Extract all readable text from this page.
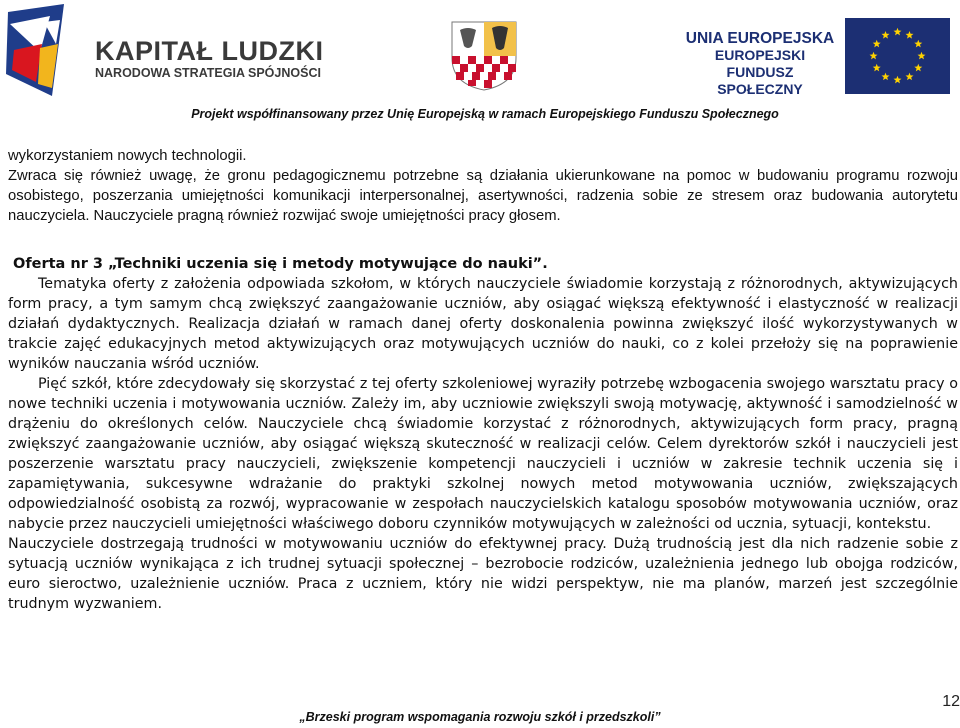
KAPITAŁ LUDZKI
NARODOWA STRATEGIA SPÓJNOŚCI
UNIA EUROPEJSKA
EUROPEJSKI
FUNDUSZ SPOŁECZNY
Projekt współfinansowany przez Unię Europejską w ramach Europejskiego Funduszu Społecznego

wykorzystaniem nowych technologii.

Zwraca się również uwagę, że gronu pedagogicznemu potrzebne są działania ukierunkowane na pomoc w budowaniu programu rozwoju osobistego, poszerzania umiejętności komunikacji interpersonalnej, asertywności, radzenia sobie ze stresem oraz budowania autorytetu nauczyciela. Nauczyciele pragną również rozwijać swoje umiejętności pracy głosem.

Oferta nr 3 „Techniki uczenia się i metody motywujące do nauki”.

Tematyka oferty z założenia odpowiada szkołom, w których nauczyciele świadomie korzystają z różnorodnych, aktywizujących form pracy, a tym samym chcą zwiększyć zaangażowanie uczniów, aby osiągać większą efektywność i elastyczność w realizacji działań dydaktycznych. Realizacja działań w ramach danej oferty doskonalenia powinna zwiększyć ilość wykorzystywanych w trakcie zajęć edukacyjnych metod aktywizujących oraz motywujących uczniów do nauki, co z kolei przełoży się na poprawienie wyników nauczania wśród uczniów.

Pięć szkół, które zdecydowały się skorzystać z tej oferty szkoleniowej wyraziły potrzebę wzbogacenia swojego warsztatu pracy o nowe techniki uczenia i motywowania uczniów. Zależy im, aby uczniowie zwiększyli swoją motywację, aktywność i samodzielność w drążeniu do określonych celów. Nauczyciele chcą świadomie korzystać z różnorodnych, aktywizujących form pracy, pragną zwiększyć zaangażowanie uczniów, aby osiągać większą skuteczność w realizacji celów. Celem dyrektorów szkół i nauczycieli jest poszerzenie warsztatu pracy nauczycieli, zwiększenie kompetencji nauczycieli i uczniów w zakresie technik uczenia się i zapamiętywania, sukcesywne wdrażanie do praktyki szkolnej nowych metod motywowania uczniów, zwiększających odpowiedzialność osobistą za rozwój, wypracowanie w zespołach nauczycielskich katalogu sposobów motywowania uczniów, oraz nabycie przez nauczycieli umiejętności właściwego doboru czynników motywujących w zależności od ucznia, sytuacji, kontekstu.

Nauczyciele dostrzegają trudności w motywowaniu uczniów do efektywnej pracy. Dużą trudnością jest dla nich radzenie sobie z sytuacją uczniów wynikająca z ich trudnej sytuacji społecznej – bezrobocie rodziców, uzależnienia jednego lub obojga rodziców, euro sieroctwo, uzależnienie uczniów. Praca z uczniem, który nie widzi perspektyw, nie ma planów, marzeń jest szczególnie trudnym wyzwaniem.

12
„Brzeski program wspomagania rozwoju szkół i przedszkoli”
